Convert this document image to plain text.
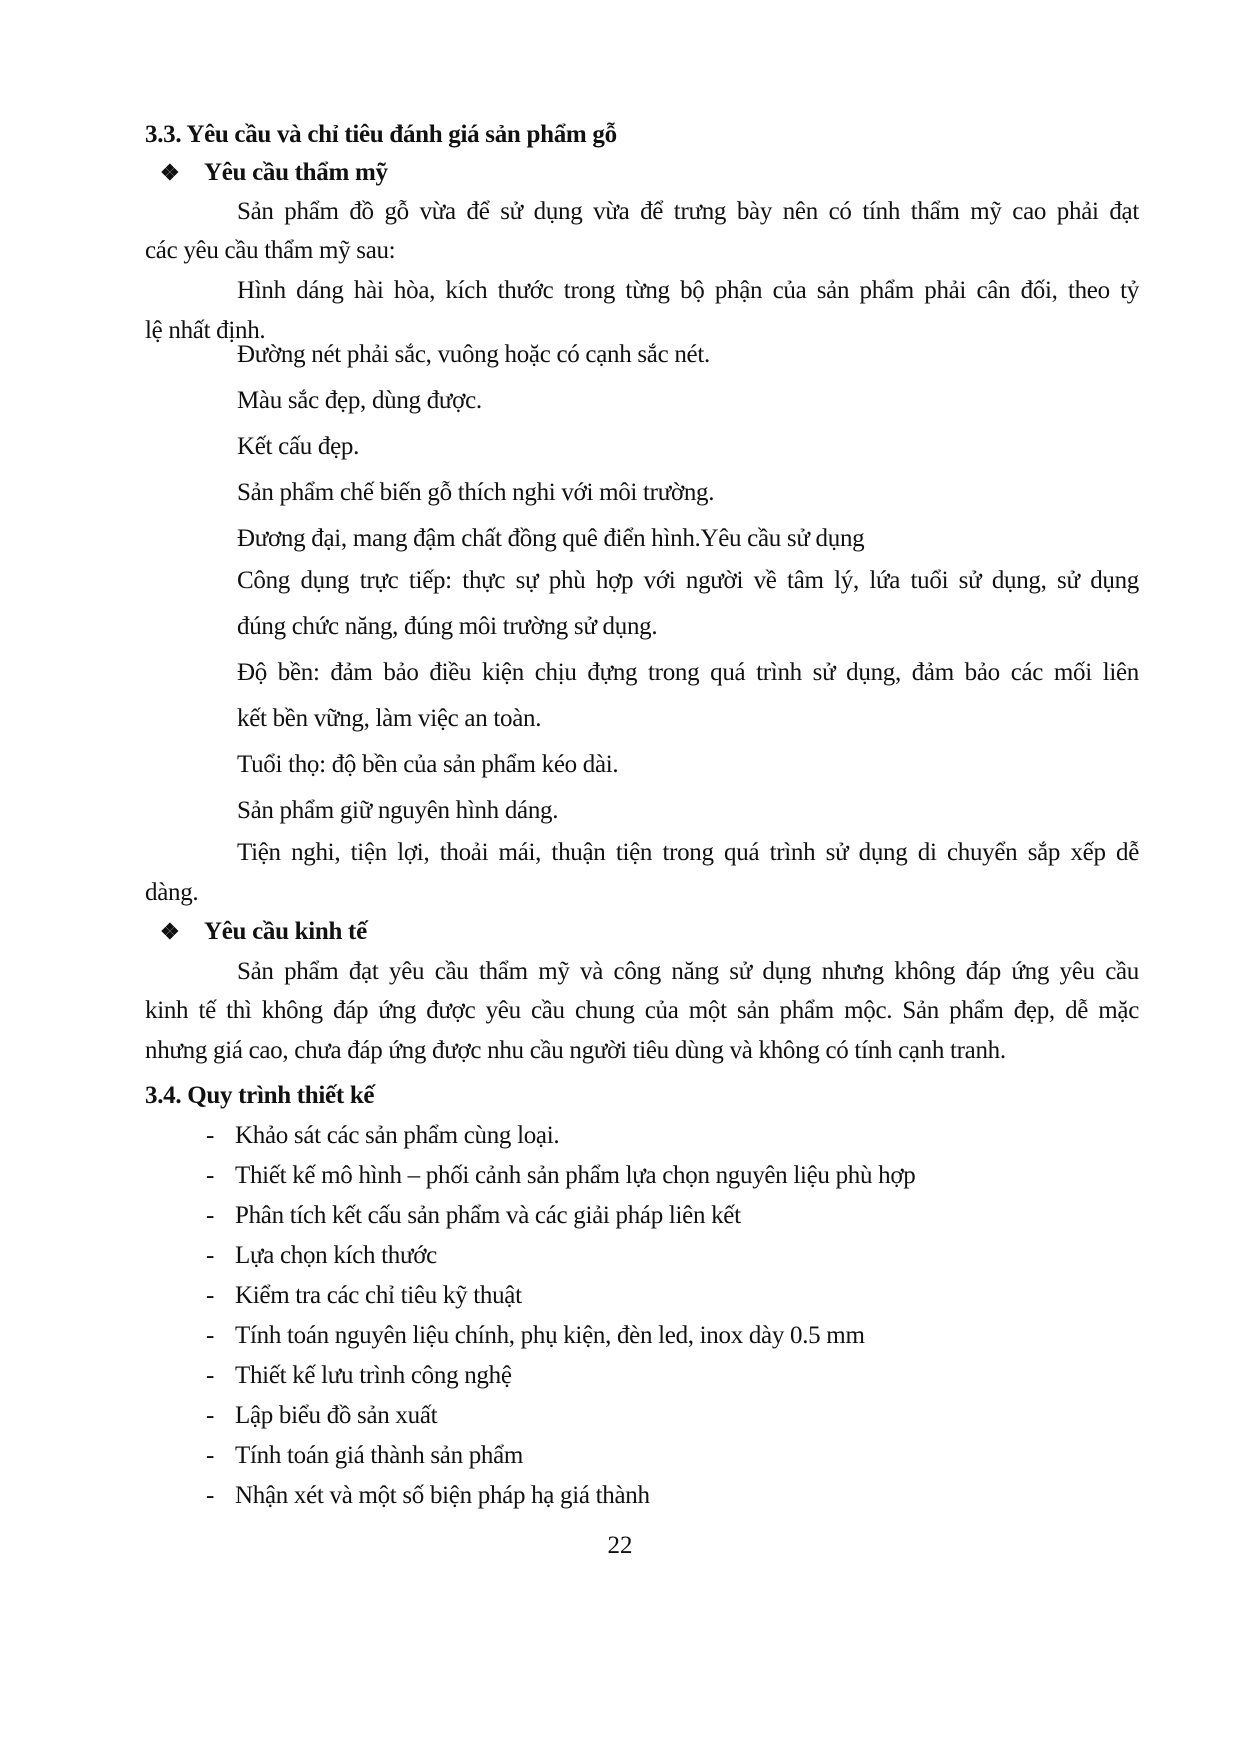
3.3. Yêu cầu và chỉ tiêu đánh giá sản phẩm gỗ
❖ Yêu cầu thẩm mỹ
Sản phẩm đồ gỗ vừa để sử dụng vừa để trưng bày nên có tính thẩm mỹ cao phải đạt
các yêu cầu thẩm mỹ sau:
Hình dáng hài hòa, kích thước trong từng bộ phận của sản phẩm phải cân đối, theo tỷ
lệ nhất định.
Đường nét phải sắc, vuông hoặc có cạnh sắc nét.
Màu sắc đẹp, dùng được.
Kết cấu đẹp.
Sản phẩm chế biến gỗ thích nghi với môi trường.
Đương đại, mang đậm chất đồng quê điển hình.Yêu cầu sử dụng
Công dụng trực tiếp: thực sự phù hợp với người về tâm lý, lứa tuổi sử dụng, sử dụng
đúng chức năng, đúng môi trường sử dụng.
Độ bền: đảm bảo điều kiện chịu đựng trong quá trình sử dụng, đảm bảo các mối liên
kết bền vững, làm việc an toàn.
Tuổi thọ: độ bền của sản phẩm kéo dài.
Sản phẩm giữ nguyên hình dáng.
Tiện nghi, tiện lợi, thoải mái, thuận tiện trong quá trình sử dụng di chuyển sắp xếp dễ
dàng.
❖ Yêu cầu kinh tế
Sản phẩm đạt yêu cầu thẩm mỹ và công năng sử dụng nhưng không đáp ứng yêu cầu
kinh tế thì không đáp ứng được yêu cầu chung của một sản phẩm mộc. Sản phẩm đẹp, dễ mặc
nhưng giá cao, chưa đáp ứng được nhu cầu người tiêu dùng và không có tính cạnh tranh.
3.4. Quy trình thiết kế
- Khảo sát các sản phẩm cùng loại.
- Thiết kế mô hình – phối cảnh sản phẩm lựa chọn nguyên liệu phù hợp
- Phân tích kết cấu sản phẩm và các giải pháp liên kết
- Lựa chọn kích thước
- Kiểm tra các chỉ tiêu kỹ thuật
- Tính toán nguyên liệu chính, phụ kiện, đèn led, inox dày 0.5 mm
- Thiết kế lưu trình công nghệ
- Lập biểu đồ sản xuất
- Tính toán giá thành sản phẩm
- Nhận xét và một số biện pháp hạ giá thành
22
